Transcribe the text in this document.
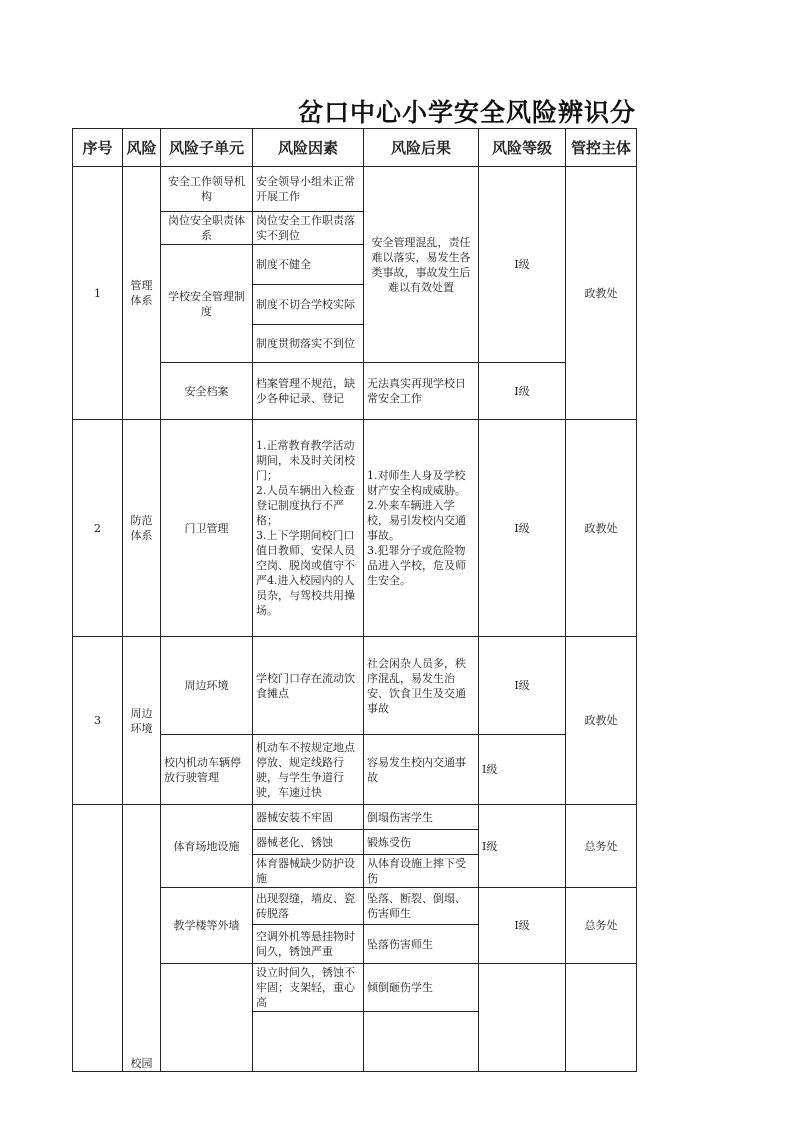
岔口中心小学安全风险辨识分
序号	风险	风险子单元	风险因素	风险后果	风险等级	管控主体
1	管理体系	安全工作领导机构	安全领导小组未正常开展工作	安全管理混乱，责任难以落实，易发生各类事故，事故发生后难以有效处置	Ⅰ级	政教处
		岗位安全职责体系	岗位安全工作职责落实不到位			
		学校安全管理制度	制度不健全			
			制度不切合学校实际			
			制度贯彻落实不到位			
		安全档案	档案管理不规范，缺少各种记录、登记	无法真实再现学校日常安全工作	Ⅰ级	

2	防范体系	门卫管理	1.正常教育教学活动期间，未及时关闭校门；
2.人员车辆出入检查登记制度执行不严格；
3.上下学期间校门口值日教师、安保人员空岗、脱岗或值守不严4.进入校园内的人员杂，与驾校共用操场。	1.对师生人身及学校财产安全构成威胁。
2.外来车辆进入学校，易引发校内交通事故。
3.犯罪分子或危险物品进入学校，危及师生安全。	Ⅰ级	政教处
3	周边环境	周边环境	学校门口存在流动饮食摊点	社会闲杂人员多，秩序混乱，易发生治安、饮食卫生及交通事故	Ⅰ级	政教处
		校内机动车辆停放行驶管理	机动车不按规定地点停放、规定线路行驶，与学生争道行驶，车速过快	容易发生校内交通事故	Ⅰ级	
	校园	体育场地设施	器械安装不牢固	倒塌伤害学生	Ⅰ级	总务处
			器械老化、锈蚀	锻炼受伤		
			体育器械缺少防护设施	从体育设施上摔下受伤		
		教学楼等外墙	出现裂缝，墙皮、瓷砖脱落	坠落、断裂、倒塌、伤害师生	Ⅰ级	总务处
			空调外机等悬挂物时间久，锈蚀严重	坠落伤害师生		
			设立时间久，锈蚀不牢固；支架轻，重心高	倾倒砸伤学生		
